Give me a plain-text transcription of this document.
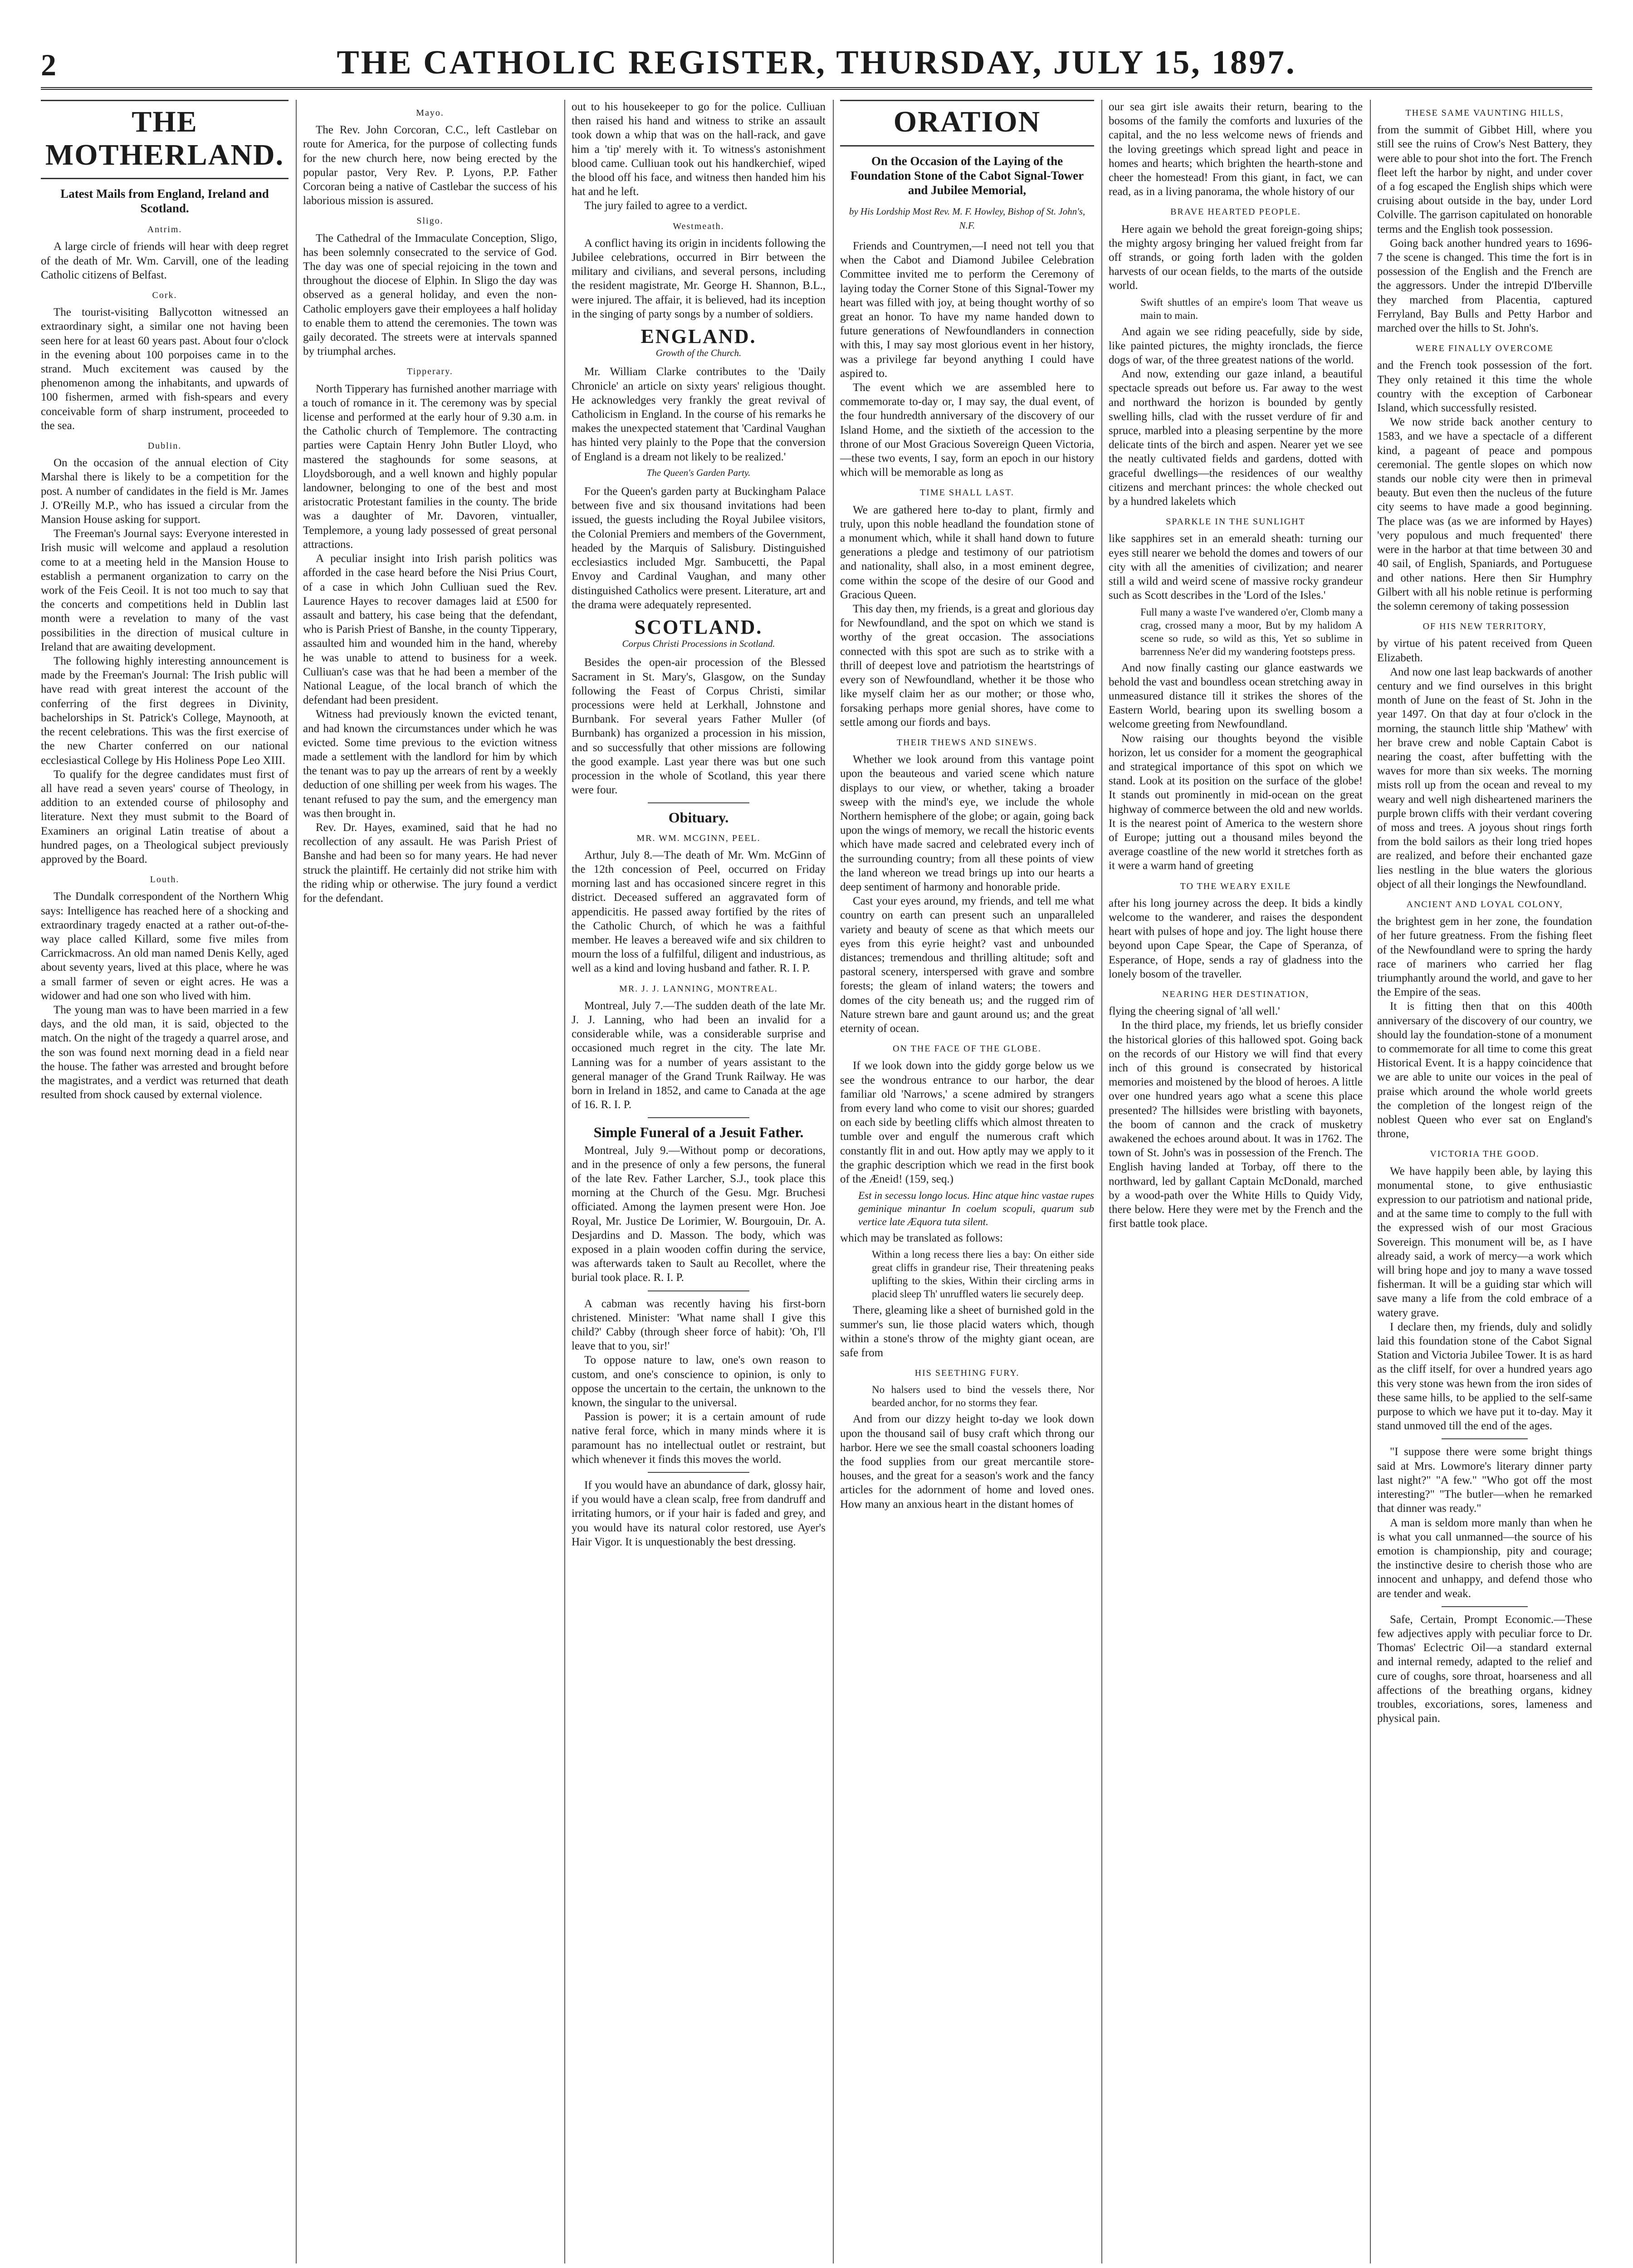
2	THE CATHOLIC REGISTER, THURSDAY, JULY 15, 1897.
THE MOTHERLAND.
Latest Mails from England, Ireland and Scotland.
Antrim.

A large circle of friends will hear with deep regret of the death of Mr. Wm. Carvill, one of the leading Catholic citizens of Belfast.

Cork.

The tourist-visiting Ballycotton witnessed an extraordinary sight, a similar one not having been seen here for at least 60 years past. About four o'clock in the evening about 100 porpoises came in to the strand. Much excitement was caused by the phenomenon among the inhabitants, and upwards of 100 fishermen, armed with fish-spears and every conceivable form of sharp instrument, proceeded to the sea.

Dublin.

On the occasion of the annual election of City Marshal there is likely to be a competition for the post. A number of candidates in the field is Mr. James J. O'Reilly M.P., who has issued a circular from the Mansion House asking for support.

The Freeman's Journal says: Everyone interested in Irish music will welcome and applaud a resolution come to at a meeting held in the Mansion House to establish a permanent organization to carry on the work of the Feis Ceoil. It is not too much to say that the concerts and competitions held in Dublin last month were a revelation to many of the vast possibilities in the direction of musical culture in Ireland that are awaiting development.

The following highly interesting announcement is made by the Freeman's Journal: The Irish public will have read with great interest the account of the conferring of the first degrees in Divinity, bachelorships in St. Patrick's College, Maynooth, at the recent celebrations. This was the first exercise of the new Charter conferred on our national ecclesiastical College by His Holiness Pope Leo XIII.

To qualify for the degree candidates must first of all have read a seven years' course of Theology, in addition to an extended course of philosophy and literature. Next they must submit to the Board of Examiners an original Latin treatise of about a hundred pages, on a Theological subject previously approved by the Board.

Louth.

The Dundalk correspondent of the Northern Whig says: Intelligence has reached here of a shocking and extraordinary tragedy enacted at a rather out-of-the-way place called Killard, some five miles from Carrickmacross. An old man named Denis Kelly, aged about seventy years, lived at this place, where he was a small farmer of seven or eight acres. He was a widower and had one son who lived with him.

The young man was to have been married in a few days, and the old man, it is said, objected to the match. On the night of the tragedy a quarrel arose, and the son was found next morning dead in a field near the house. The father was arrested and brought before the magistrates, and a verdict was returned that death resulted from shock caused by external violence.

Mayo.

The Rev. John Corcoran, C.C., left Castlebar on route for America, for the purpose of collecting funds for the new church here, now being erected by the popular pastor, Very Rev. P. Lyons, P.P. Father Corcoran being a native of Castlebar the success of his laborious mission is assured.

Sligo.

The Cathedral of the Immaculate Conception, Sligo, has been solemnly consecrated to the service of God. The day was one of special rejoicing in the town and throughout the diocese of Elphin. In Sligo the day was observed as a general holiday, and even the non-Catholic employers gave their employees a half holiday to enable them to attend the ceremonies. The town was gaily decorated. The streets were at intervals spanned by triumphal arches.

Tipperary.

North Tipperary has furnished another marriage with a touch of romance in it. The ceremony was by special license and performed at the early hour of 9.30 a.m. in the Catholic church of Templemore. The contracting parties were Captain Henry John Butler Lloyd, who mastered the staghounds for some seasons, at Lloydsborough, and a well known and highly popular landowner, belonging to one of the best and most aristocratic Protestant families in the county. The bride was a daughter of Mr. Davoren, vintualler, Templemore, a young lady possessed of great personal attractions.

A peculiar insight into Irish parish politics was afforded in the case heard before the Nisi Prius Court, of a case in which John Culliuan sued the Rev. Laurence Hayes to recover damages laid at £500 for assault and battery, his case being that the defendant, who is Parish Priest of Banshe, in the county Tipperary, assaulted him and wounded him in the hand, whereby he was unable to attend to business for a week. Culliuan's case was that he had been a member of the National League, of the local branch of which the defendant had been president.

Witness had previously known the evicted tenant, and had known the circumstances under which he was evicted. Some time previous to the eviction witness made a settlement with the landlord for him by which the tenant was to pay up the arrears of rent by a weekly deduction of one shilling per week from his wages. The tenant refused to pay the sum, and the emergency man was then brought in.

Rev. Dr. Hayes, examined, said that he had no recollection of any assault. He was Parish Priest of Banshe and had been so for many years. He had never struck the plaintiff. He certainly did not strike him with the riding whip or otherwise. The jury found a verdict for the defendant.

out to his housekeeper to go for the police. Culliuan then raised his hand and witness to strike an assault took down a whip that was on the hall-rack, and gave him a 'tip' merely with it. To witness's astonishment blood came. Culliuan took out his handkerchief, wiped the blood off his face, and witness then handed him his hat and he left.

The jury failed to agree to a verdict.

Westmeath.

A conflict having its origin in incidents following the Jubilee celebrations, occurred in Birr between the military and civilians, and several persons, including the resident magistrate, Mr. George H. Shannon, B.L., were injured. The affair, it is believed, had its inception in the singing of party songs by a number of soldiers.

ENGLAND.
Growth of the Church.

Mr. William Clarke contributes to the 'Daily Chronicle' an article on sixty years' religious thought. He acknowledges very frankly the great revival of Catholicism in England. In the course of his remarks he makes the unexpected statement that 'Cardinal Vaughan has hinted very plainly to the Pope that the conversion of England is a dream not likely to be realized.'

The Queen's Garden Party.

For the Queen's garden party at Buckingham Palace between five and six thousand invitations had been issued, the guests including the Royal Jubilee visitors, the Colonial Premiers and members of the Government, headed by the Marquis of Salisbury. Distinguished ecclesiastics included Mgr. Sambucetti, the Papal Envoy and Cardinal Vaughan, and many other distinguished Catholics were present. Literature, art and the drama were adequately represented.

SCOTLAND.
Corpus Christi Processions in Scotland.

Besides the open-air procession of the Blessed Sacrament in St. Mary's, Glasgow, on the Sunday following the Feast of Corpus Christi, similar processions were held at Lerkhall, Johnstone and Burnbank. For several years Father Muller (of Burnbank) has organized a procession in his mission, and so successfully that other missions are following the good example. Last year there was but one such procession in the whole of Scotland, this year there were four.

Obituary.
MR. WM. MCGINN, PEEL.

Arthur, July 8.—The death of Mr. Wm. McGinn of the 12th concession of Peel, occurred on Friday morning last and has occasioned sincere regret in this district. Deceased suffered an aggravated form of appendicitis. He passed away fortified by the rites of the Catholic Church, of which he was a faithful member. He leaves a bereaved wife and six children to mourn the loss of a fulfilful, diligent and industrious, as well as a kind and loving husband and father. R. I. P.

MR. J. J. LANNING, MONTREAL.

Montreal, July 7.—The sudden death of the late Mr. J. J. Lanning, who had been an invalid for a considerable while, was a considerable surprise and occasioned much regret in the city. The late Mr. Lanning was for a number of years assistant to the general manager of the Grand Trunk Railway. He was born in Ireland in 1852, and came to Canada at the age of 16. R. I. P.

Simple Funeral of a Jesuit Father.

Montreal, July 9.—Without pomp or decorations, and in the presence of only a few persons, the funeral of the late Rev. Father Larcher, S.J., took place this morning at the Church of the Gesu. Mgr. Bruchesi officiated. Among the laymen present were Hon. Joe Royal, Mr. Justice De Lorimier, W. Bourgouin, Dr. A. Desjardins and D. Masson. The body, which was exposed in a plain wooden coffin during the service, was afterwards taken to Sault au Recollet, where the burial took place. R. I. P.

A cabman was recently having his first-born christened. Minister: 'What name shall I give this child?' Cabby (through sheer force of habit): 'Oh, I'll leave that to you, sir!'

To oppose nature to law, one's own reason to custom, and one's conscience to opinion, is only to oppose the uncertain to the certain, the unknown to the known, the singular to the universal.

Passion is power; it is a certain amount of rude native feral force, which in many minds where it is paramount has no intellectual outlet or restraint, but which whenever it finds this moves the world.

If you would have an abundance of dark, glossy hair, if you would have a clean scalp, free from dandruff and irritating humors, or if your hair is faded and grey, and you would have its natural color restored, use Ayer's Hair Vigor. It is unquestionably the best dressing.

ORATION
On the Occasion of the Laying of the Foundation Stone of the Cabot Signal-Tower and Jubilee Memorial,
by His Lordship Most Rev. M. F. Howley, Bishop of St. John's, N.F.

Friends and Countrymen,—I need not tell you that when the Cabot and Diamond Jubilee Celebration Committee invited me to perform the Ceremony of laying today the Corner Stone of this Signal-Tower my heart was filled with joy, at being thought worthy of so great an honor. To have my name handed down to future generations of Newfoundlanders in connection with this, I may say most glorious event in her history, was a privilege far beyond anything I could have aspired to.

The event which we are assembled here to commemorate to-day or, I may say, the dual event, of the four hundredth anniversary of the discovery of our Island Home, and the sixtieth of the accession to the throne of our Most Gracious Sovereign Queen Victoria,—these two events, I say, form an epoch in our history which will be memorable as long as

TIME SHALL LAST.

We are gathered here to-day to plant, firmly and truly, upon this noble headland the foundation stone of a monument which, while it shall hand down to future generations a pledge and testimony of our patriotism and nationality, shall also, in a most eminent degree, come within the scope of the desire of our Good and Gracious Queen.

This day then, my friends, is a great and glorious day for Newfoundland, and the spot on which we stand is worthy of the great occasion. The associations connected with this spot are such as to strike with a thrill of deepest love and patriotism the heartstrings of every son of Newfoundland, whether it be those who like myself claim her as our mother; or those who, forsaking perhaps more genial shores, have come to settle among our fiords and bays.

THEIR THEWS AND SINEWS.

Whether we look around from this vantage point upon the beauteous and varied scene which nature displays to our view, or whether, taking a broader sweep with the mind's eye, we include the whole Northern hemisphere of the globe; or again, going back upon the wings of memory, we recall the historic events which have made sacred and celebrated every inch of the surrounding country; from all these points of view the land whereon we tread brings up into our hearts a deep sentiment of harmony and honorable pride.

Cast your eyes around, my friends, and tell me what country on earth can present such an unparalleled variety and beauty of scene as that which meets our eyes from this eyrie height? vast and unbounded distances; tremendous and thrilling altitude; soft and pastoral scenery, interspersed with grave and sombre forests; the gleam of inland waters; the towers and domes of the city beneath us; and the rugged rim of Nature strewn bare and gaunt around us; and the great eternity of ocean.

ON THE FACE OF THE GLOBE.

If we look down into the giddy gorge below us we see the wondrous entrance to our harbor, the dear familiar old 'Narrows,' a scene admired by strangers from every land who come to visit our shores; guarded on each side by beetling cliffs which almost threaten to tumble over and engulf the numerous craft which constantly flit in and out. How aptly may we apply to it the graphic description which we read in the first book of the Æneid! (159, seq.)

Est in secessu longo locus. Hinc atque hinc vastae rupes geminique minantur In coelum scopuli, quarum sub vertice late Æquora tuta silent.

which may be translated as follows:

Within a long recess there lies a bay: On either side great cliffs in grandeur rise, Their threatening peaks uplifting to the skies, Within their circling arms in placid sleep Th' unruffled waters lie securely deep.

There, gleaming like a sheet of burnished gold in the summer's sun, lie those placid waters which, though within a stone's throw of the mighty giant ocean, are safe from

HIS SEETHING FURY.

No halsers used to bind the vessels there, Nor bearded anchor, for no storms they fear.

And from our dizzy height to-day we look down upon the thousand sail of busy craft which throng our harbor. Here we see the small coastal schooners loading the food supplies from our great mercantile store-houses, and the great for a season's work and the fancy articles for the adornment of home and loved ones. How many an anxious heart in the distant homes of

our sea girt isle awaits their return, bearing to the bosoms of the family the comforts and luxuries of the capital, and the no less welcome news of friends and the loving greetings which spread light and peace in homes and hearts; which brighten the hearth-stone and cheer the homestead! From this giant, in fact, we can read, as in a living panorama, the whole history of our

BRAVE HEARTED PEOPLE.

Here again we behold the great foreign-going ships; the mighty argosy bringing her valued freight from far off strands, or going forth laden with the golden harvests of our ocean fields, to the marts of the outside world.

Swift shuttles of an empire's loom That weave us main to main.

And again we see riding peacefully, side by side, like painted pictures, the mighty ironclads, the fierce dogs of war, of the three greatest nations of the world.

And now, extending our gaze inland, a beautiful spectacle spreads out before us. Far away to the west and northward the horizon is bounded by gently swelling hills, clad with the russet verdure of fir and spruce, marbled into a pleasing serpentine by the more delicate tints of the birch and aspen. Nearer yet we see the neatly cultivated fields and gardens, dotted with graceful dwellings—the residences of our wealthy citizens and merchant princes: the whole checked out by a hundred lakelets which

SPARKLE IN THE SUNLIGHT

like sapphires set in an emerald sheath: turning our eyes still nearer we behold the domes and towers of our city with all the amenities of civilization; and nearer still a wild and weird scene of massive rocky grandeur such as Scott describes in the 'Lord of the Isles.'

Full many a waste I've wandered o'er, Clomb many a crag, crossed many a moor, But by my halidom A scene so rude, so wild as this, Yet so sublime in barrenness Ne'er did my wandering footsteps press.

And now finally casting our glance eastwards we behold the vast and boundless ocean stretching away in unmeasured distance till it strikes the shores of the Eastern World, bearing upon its swelling bosom a welcome greeting from Newfoundland.

Now raising our thoughts beyond the visible horizon, let us consider for a moment the geographical and strategical importance of this spot on which we stand. Look at its position on the surface of the globe! It stands out prominently in mid-ocean on the great highway of commerce between the old and new worlds. It is the nearest point of America to the western shore of Europe; jutting out a thousand miles beyond the average coastline of the new world it stretches forth as it were a warm hand of greeting

TO THE WEARY EXILE

after his long journey across the deep. It bids a kindly welcome to the wanderer, and raises the despondent heart with pulses of hope and joy. The light house there beyond upon Cape Spear, the Cape of Speranza, of Esperance, of Hope, sends a ray of gladness into the lonely bosom of the traveller.

NEARING HER DESTINATION,

flying the cheering signal of 'all well.'

In the third place, my friends, let us briefly consider the historical glories of this hallowed spot. Going back on the records of our History we will find that every inch of this ground is consecrated by historical memories and moistened by the blood of heroes. A little over one hundred years ago what a scene this place presented? The hillsides were bristling with bayonets, the boom of cannon and the crack of musketry awakened the echoes around about. It was in 1762. The town of St. John's was in possession of the French. The English having landed at Torbay, off there to the northward, led by gallant Captain McDonald, marched by a wood-path over the White Hills to Quidy Vidy, there below. Here they were met by the French and the first battle took place.

THESE SAME VAUNTING HILLS,

from the summit of Gibbet Hill, where you still see the ruins of Crow's Nest Battery, they were able to pour shot into the fort. The French fleet left the harbor by night, and under cover of a fog escaped the English ships which were cruising about outside in the bay, under Lord Colville. The garrison capitulated on honorable terms and the English took possession.

Going back another hundred years to 1696-7 the scene is changed. This time the fort is in possession of the English and the French are the aggressors. Under the intrepid D'Iberville they marched from Placentia, captured Ferryland, Bay Bulls and Petty Harbor and marched over the hills to St. John's.

WERE FINALLY OVERCOME

and the French took possession of the fort. They only retained it this time the whole country with the exception of Carbonear Island, which successfully resisted.

We now stride back another century to 1583, and we have a spectacle of a different kind, a pageant of peace and pompous ceremonial. The gentle slopes on which now stands our noble city were then in primeval beauty. But even then the nucleus of the future city seems to have made a good beginning. The place was (as we are informed by Hayes) 'very populous and much frequented' there were in the harbor at that time between 30 and 40 sail, of English, Spaniards, and Portuguese and other nations. Here then Sir Humphry Gilbert with all his noble retinue is performing the solemn ceremony of taking possession

OF HIS NEW TERRITORY,

by virtue of his patent received from Queen Elizabeth.

And now one last leap backwards of another century and we find ourselves in this bright month of June on the feast of St. John in the year 1497. On that day at four o'clock in the morning, the staunch little ship 'Mathew' with her brave crew and noble Captain Cabot is nearing the coast, after buffetting with the waves for more than six weeks. The morning mists roll up from the ocean and reveal to my weary and well nigh disheartened mariners the purple brown cliffs with their verdant covering of moss and trees. A joyous shout rings forth from the bold sailors as their long tried hopes are realized, and before their enchanted gaze lies nestling in the blue waters the glorious object of all their longings the Newfoundland.

ANCIENT AND LOYAL COLONY,

the brightest gem in her zone, the foundation of her future greatness. From the fishing fleet of the Newfoundland were to spring the hardy race of mariners who carried her flag triumphantly around the world, and gave to her the Empire of the seas.

It is fitting then that on this 400th anniversary of the discovery of our country, we should lay the foundation-stone of a monument to commemorate for all time to come this great Historical Event. It is a happy coincidence that we are able to unite our voices in the peal of praise which around the whole world greets the completion of the longest reign of the noblest Queen who ever sat on England's throne,

VICTORIA THE GOOD.

We have happily been able, by laying this monumental stone, to give enthusiastic expression to our patriotism and national pride, and at the same time to comply to the full with the expressed wish of our most Gracious Sovereign. This monument will be, as I have already said, a work of mercy—a work which will bring hope and joy to many a wave tossed fisherman. It will be a guiding star which will save many a life from the cold embrace of a watery grave.

I declare then, my friends, duly and solidly laid this foundation stone of the Cabot Signal Station and Victoria Jubilee Tower. It is as hard as the cliff itself, for over a hundred years ago this very stone was hewn from the iron sides of these same hills, to be applied to the self-same purpose to which we have put it to-day. May it stand unmoved till the end of the ages.

"I suppose there were some bright things said at Mrs. Lowmore's literary dinner party last night?" "A few." "Who got off the most interesting?" "The butler—when he remarked that dinner was ready."

A man is seldom more manly than when he is what you call unmanned—the source of his emotion is championship, pity and courage; the instinctive desire to cherish those who are innocent and unhappy, and defend those who are tender and weak.

Safe, Certain, Prompt Economic.—These few adjectives apply with peculiar force to Dr. Thomas' Eclectric Oil—a standard external and internal remedy, adapted to the relief and cure of coughs, sore throat, hoarseness and all affections of the breathing organs, kidney troubles, excoriations, sores, lameness and physical pain.
